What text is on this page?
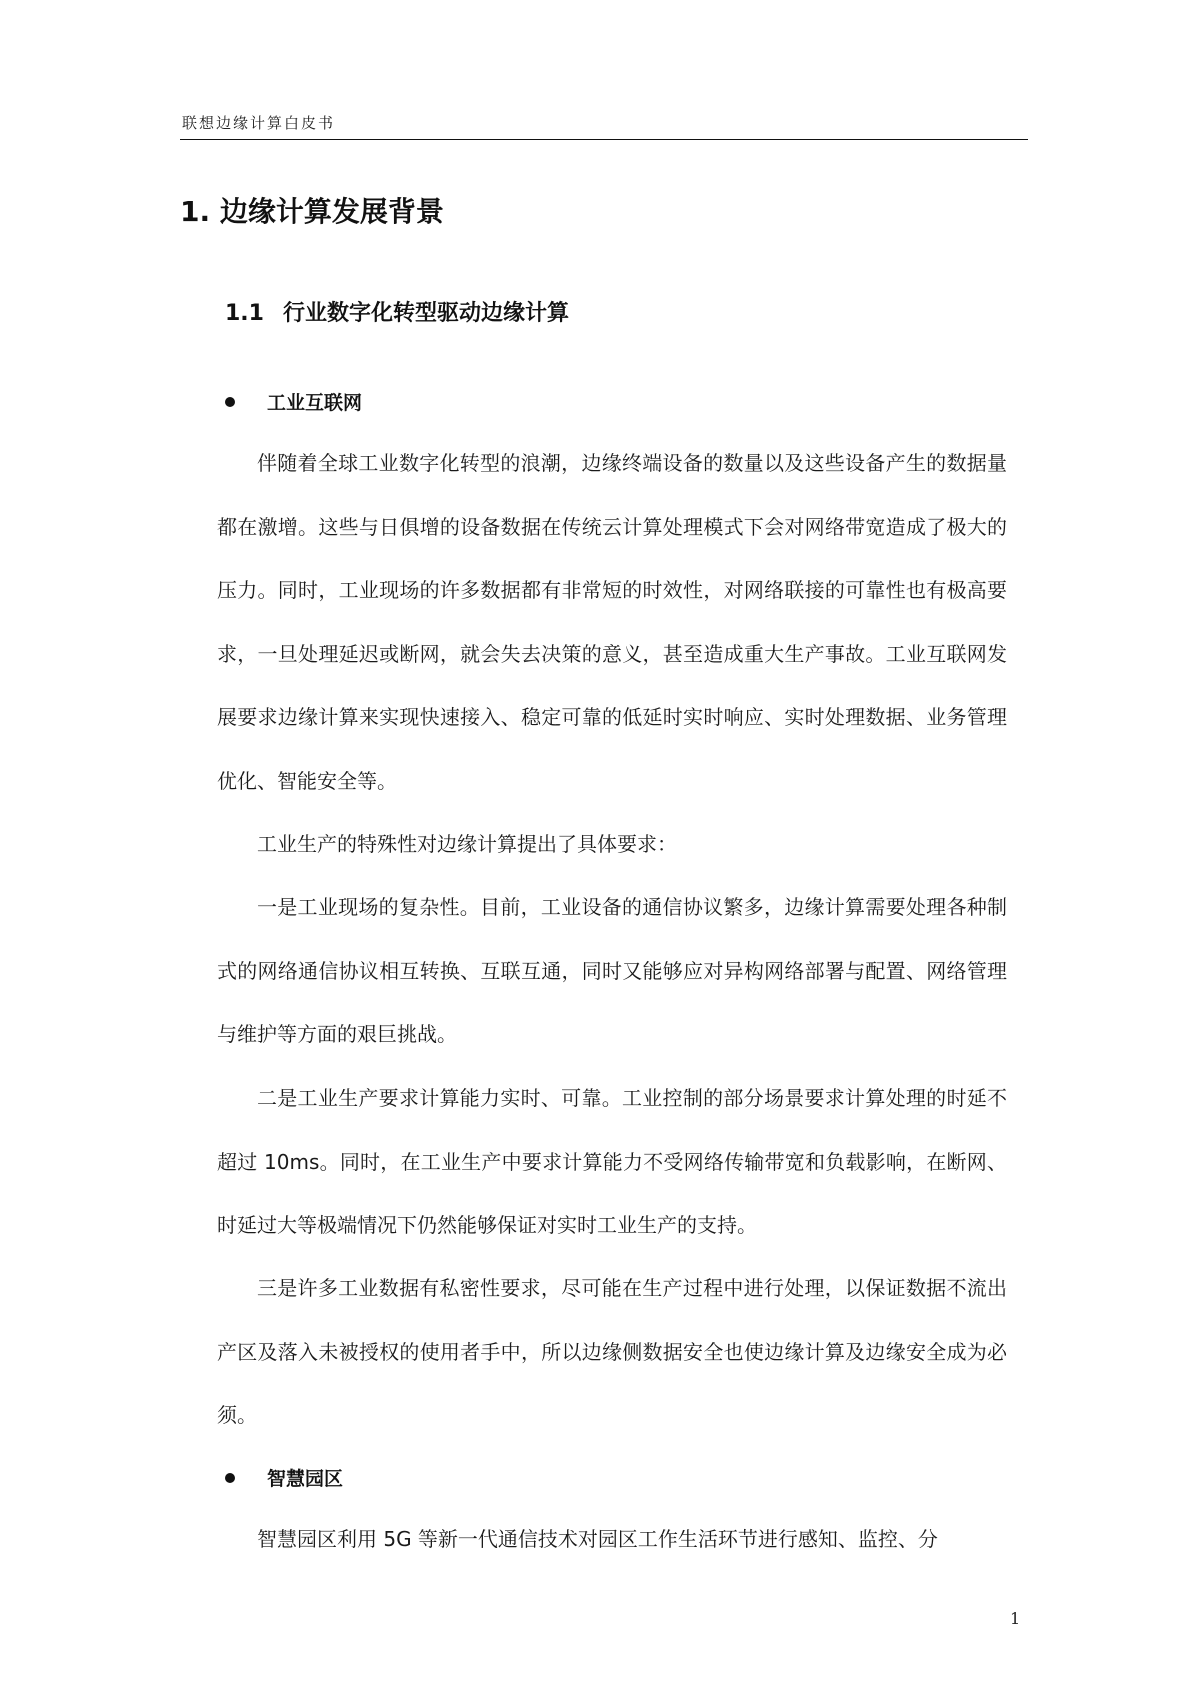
联想边缘计算白皮书
1. 边缘计算发展背景
1.1 行业数字化转型驱动边缘计算
工业互联网
伴随着全球工业数字化转型的浪潮，边缘终端设备的数量以及这些设备产生的数据量都在激增。这些与日俱增的设备数据在传统云计算处理模式下会对网络带宽造成了极大的压力。同时，工业现场的许多数据都有非常短的时效性，对网络联接的可靠性也有极高要求，一旦处理延迟或断网，就会失去决策的意义，甚至造成重大生产事故。工业互联网发展要求边缘计算来实现快速接入、稳定可靠的低延时实时响应、实时处理数据、业务管理优化、智能安全等。
工业生产的特殊性对边缘计算提出了具体要求：
一是工业现场的复杂性。目前，工业设备的通信协议繁多，边缘计算需要处理各种制式的网络通信协议相互转换、互联互通，同时又能够应对异构网络部署与配置、网络管理与维护等方面的艰巨挑战。
二是工业生产要求计算能力实时、可靠。工业控制的部分场景要求计算处理的时延不超过 10ms。同时，在工业生产中要求计算能力不受网络传输带宽和负载影响，在断网、时延过大等极端情况下仍然能够保证对实时工业生产的支持。
三是许多工业数据有私密性要求，尽可能在生产过程中进行处理，以保证数据不流出产区及落入未被授权的使用者手中，所以边缘侧数据安全也使边缘计算及边缘安全成为必须。
智慧园区
智慧园区利用 5G 等新一代通信技术对园区工作生活环节进行感知、监控、分
1
